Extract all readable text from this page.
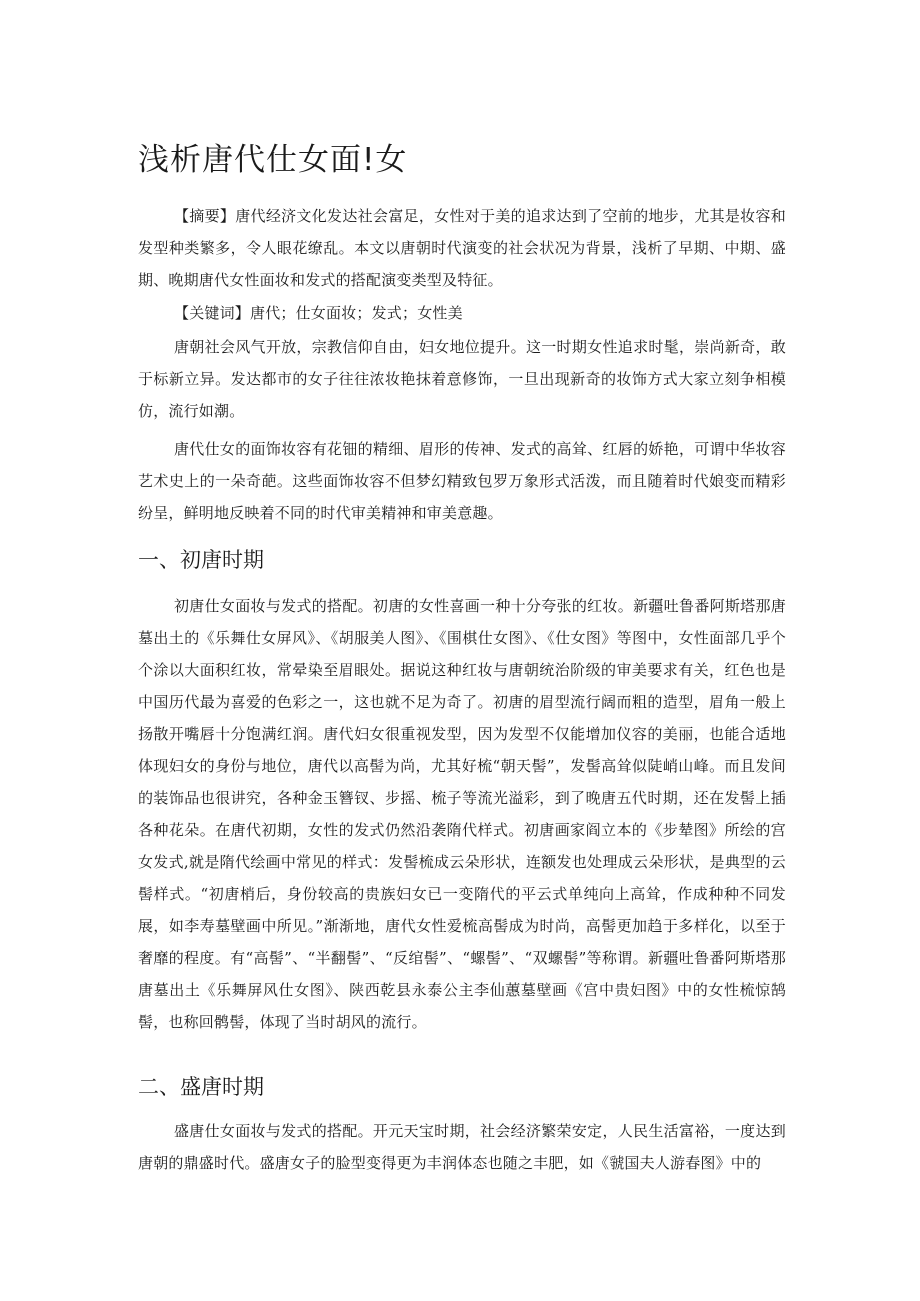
浅析唐代仕女面!女

【摘要】唐代经济文化发达社会富足，女性对于美的追求达到了空前的地步，尤其是妆容和发型种类繁多，令人眼花缭乱。本文以唐朝时代演变的社会状况为背景，浅析了早期、中期、盛期、晚期唐代女性面妆和发式的搭配演变类型及特征。

【关键词】唐代；仕女面妆；发式；女性美

唐朝社会风气开放，宗教信仰自由，妇女地位提升。这一时期女性追求时髦，崇尚新奇，敢于标新立异。发达都市的女子往往浓妆艳抹着意修饰，一旦出现新奇的妆饰方式大家立刻争相模仿，流行如潮。

唐代仕女的面饰妆容有花钿的精细、眉形的传神、发式的高耸、红唇的娇艳，可谓中华妆容艺术史上的一朵奇葩。这些面饰妆容不但梦幻精致包罗万象形式活泼，而且随着时代娘变而精彩纷呈，鲜明地反映着不同的时代审美精神和审美意趣。

一、初唐时期

初唐仕女面妆与发式的搭配。初唐的女性喜画一种十分夸张的红妆。新疆吐鲁番阿斯塔那唐墓出土的《乐舞仕女屏风》、《胡服美人图》、《围棋仕女图》、《仕女图》等图中，女性面部几乎个个涂以大面积红妆，常晕染至眉眼处。据说这种红妆与唐朝统治阶级的审美要求有关，红色也是中国历代最为喜爱的色彩之一，这也就不足为奇了。初唐的眉型流行阔而粗的造型，眉角一般上扬散开嘴唇十分饱满红润。唐代妇女很重视发型，因为发型不仅能增加仪容的美丽，也能合适地体现妇女的身份与地位，唐代以高髻为尚，尤其好梳“朝天髻”，发髻高耸似陡峭山峰。而且发间的装饰品也很讲究，各种金玉簪钗、步摇、梳子等流光溢彩，到了晚唐五代时期，还在发髻上插各种花朵。在唐代初期，女性的发式仍然沿袭隋代样式。初唐画家阎立本的《步辇图》所绘的宫女发式,就是隋代绘画中常见的样式：发髻梳成云朵形状，连额发也处理成云朵形状，是典型的云髻样式。“初唐梢后，身份较高的贵族妇女已一变隋代的平云式单纯向上高耸，作成种种不同发展，如李寿墓壁画中所见。”渐渐地，唐代女性爱梳高髻成为时尚，高髻更加趋于多样化，以至于奢靡的程度。有“高髻”、“半翻髻”、“反绾髻”、“螺髻”、“双螺髻”等称谓。新疆吐鲁番阿斯塔那唐墓出土《乐舞屏风仕女图》、陕西乾县永泰公主李仙蕙墓壁画《宫中贵妇图》中的女性梳惊鹄髻，也称回鹘髻，体现了当时胡风的流行。

二、盛唐时期

盛唐仕女面妆与发式的搭配。开元天宝时期，社会经济繁荣安定，人民生活富裕，一度达到唐朝的鼎盛时代。盛唐女子的脸型变得更为丰润体态也随之丰肥，如《虢国夫人游春图》中的
